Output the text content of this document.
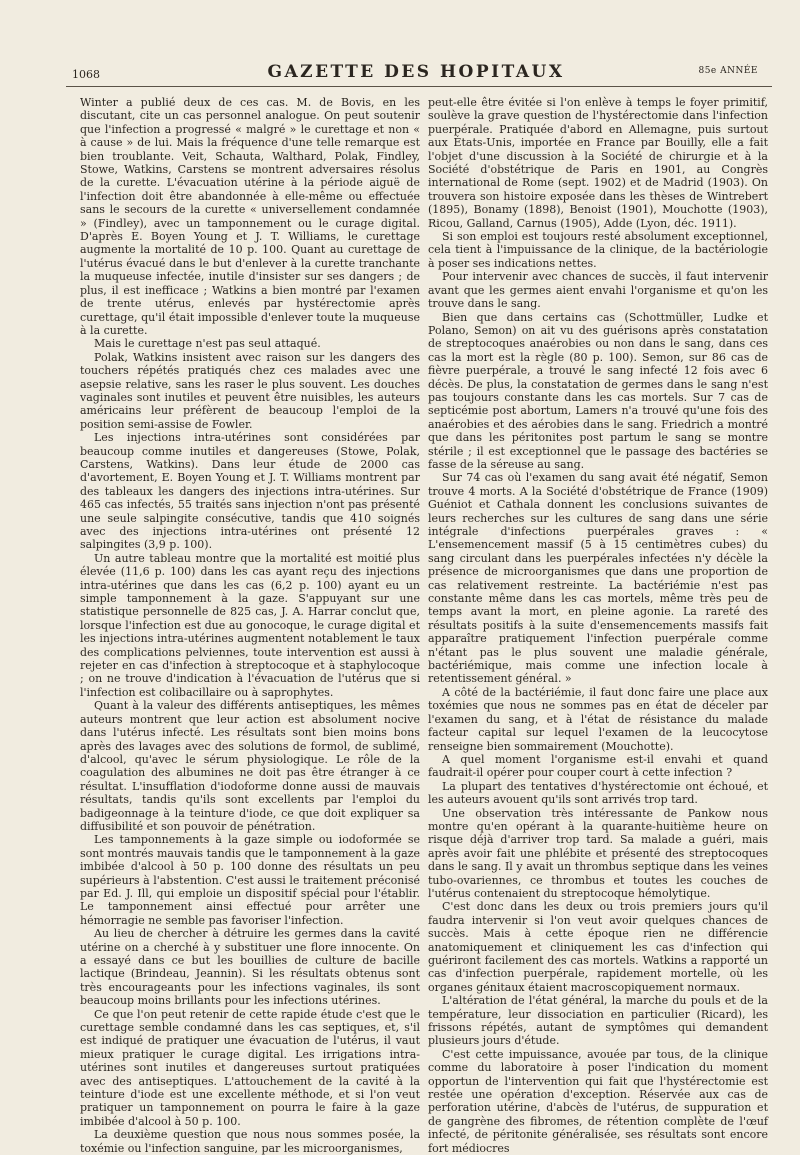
1068	GAZETTE DES HOPITAUX	85e ANNÉE

Winter a publié deux de ces cas. M. de Bovis, en les discutant, cite un cas personnel analogue. On peut soutenir que l'infection a progressé « malgré » le curettage et non « à cause » de lui. Mais la fréquence d'une telle remarque est bien troublante. Veit, Schauta, Walthard, Polak, Findley, Stowe, Watkins, Carstens se montrent adversaires résolus de la curette. L'évacuation utérine à la période aiguë de l'infection doit être abandonnée à elle-même ou effectuée sans le secours de la curette « universellement condamnée » (Findley), avec un tamponnement ou le curage digital. D'après E. Boyen Young et J. T. Williams, le curettage augmente la mortalité de 10 p. 100. Quant au curettage de l'utérus évacué dans le but d'enlever à la curette tranchante la muqueuse infectée, inutile d'insister sur ses dangers ; de plus, il est inefficace ; Watkins a bien montré par l'examen de trente utérus, enlevés par hystérectomie après curettage, qu'il était impossible d'enlever toute la muqueuse à la curette.

Mais le curettage n'est pas seul attaqué.

Polak, Watkins insistent avec raison sur les dangers des touchers répétés pratiqués chez ces malades avec une asepsie relative, sans les raser le plus souvent. Les douches vaginales sont inutiles et peuvent être nuisibles, les auteurs américains leur préfèrent de beaucoup l'emploi de la position semi-assise de Fowler.

Les injections intra-utérines sont considérées par beaucoup comme inutiles et dangereuses (Stowe, Polak, Carstens, Watkins). Dans leur étude de 2000 cas d'avortement, E. Boyen Young et J. T. Williams montrent par des tableaux les dangers des injections intra-utérines. Sur 465 cas infectés, 55 traités sans injection n'ont pas présenté une seule salpingite consécutive, tandis que 410 soignés avec des injections intra-utérines ont présenté 12 salpingites (3,9 p. 100).

Un autre tableau montre que la mortalité est moitié plus élevée (11,6 p. 100) dans les cas ayant reçu des injections intra-utérines que dans les cas (6,2 p. 100) ayant eu un simple tamponnement à la gaze. S'appuyant sur une statistique personnelle de 825 cas, J. A. Harrar conclut que, lorsque l'infection est due au gonocoque, le curage digital et les injections intra-utérines augmentent notablement le taux des complications pelviennes, toute intervention est aussi à rejeter en cas d'infection à streptocoque et à staphylocoque ; on ne trouve d'indication à l'évacuation de l'utérus que si l'infection est colibacillaire ou à saprophytes.

Quant à la valeur des différents antiseptiques, les mêmes auteurs montrent que leur action est absolument nocive dans l'utérus infecté. Les résultats sont bien moins bons après des lavages avec des solutions de formol, de sublimé, d'alcool, qu'avec le sérum physiologique. Le rôle de la coagulation des albumines ne doit pas être étranger à ce résultat. L'insufflation d'iodoforme donne aussi de mauvais résultats, tandis qu'ils sont excellents par l'emploi du badigeonnage à la teinture d'iode, ce que doit expliquer sa diffusibilité et son pouvoir de pénétration.

Les tamponnements à la gaze simple ou iodoformée se sont montrés mauvais tandis que le tamponnement à la gaze imbibée d'alcool à 50 p. 100 donne des résultats un peu supérieurs à l'abstention. C'est aussi le traitement préconisé par Ed. J. Ill, qui emploie un dispositif spécial pour l'établir. Le tamponnement ainsi effectué pour arrêter une hémorragie ne semble pas favoriser l'infection.

Au lieu de chercher à détruire les germes dans la cavité utérine on a cherché à y substituer une flore innocente. On a essayé dans ce but les bouillies de culture de bacille lactique (Brindeau, Jeannin). Si les résultats obtenus sont très encourageants pour les infections vaginales, ils sont beaucoup moins brillants pour les infections utérines.

Ce que l'on peut retenir de cette rapide étude c'est que le curettage semble condamné dans les cas septiques, et, s'il est indiqué de pratiquer une évacuation de l'utérus, il vaut mieux pratiquer le curage digital. Les irrigations intra-utérines sont inutiles et dangereuses surtout pratiquées avec des antiseptiques. L'attouchement de la cavité à la teinture d'iode est une excellente méthode, et si l'on veut pratiquer un tamponnement on pourra le faire à la gaze imbibée d'alcool à 50 p. 100.

La deuxième question que nous nous sommes posée, la toxémie ou l'infection sanguine, par les microorganismes,

peut-elle être évitée si l'on enlève à temps le foyer primitif, soulève la grave question de l'hystérectomie dans l'infection puerpérale. Pratiquée d'abord en Allemagne, puis surtout aux États-Unis, importée en France par Bouilly, elle a fait l'objet d'une discussion à la Société de chirurgie et à la Société d'obstétrique de Paris en 1901, au Congrès international de Rome (sept. 1902) et de Madrid (1903). On trouvera son histoire exposée dans les thèses de Wintrebert (1895), Bonamy (1898), Benoist (1901), Mouchotte (1903), Ricou, Galland, Carnus (1905), Adde (Lyon, déc. 1911).

Si son emploi est toujours resté absolument exceptionnel, cela tient à l'impuissance de la clinique, de la bactériologie à poser ses indications nettes.

Pour intervenir avec chances de succès, il faut intervenir avant que les germes aient envahi l'organisme et qu'on les trouve dans le sang.

Bien que dans certains cas (Schottmüller, Ludke et Polano, Semon) on ait vu des guérisons après constatation de streptocoques anaérobies ou non dans le sang, dans ces cas la mort est la règle (80 p. 100). Semon, sur 86 cas de fièvre puerpérale, a trouvé le sang infecté 12 fois avec 6 décès. De plus, la constatation de germes dans le sang n'est pas toujours constante dans les cas mortels. Sur 7 cas de septicémie post abortum, Lamers n'a trouvé qu'une fois des anaérobies et des aérobies dans le sang. Friedrich a montré que dans les péritonites post partum le sang se montre stérile ; il est exceptionnel que le passage des bactéries se fasse de la séreuse au sang.

Sur 74 cas où l'examen du sang avait été négatif, Semon trouve 4 morts. A la Société d'obstétrique de France (1909) Guéniot et Cathala donnent les conclusions suivantes de leurs recherches sur les cultures de sang dans une série intégrale d'infections puerpérales graves : « L'ensemencement massif (5 à 15 centimètres cubes) du sang circulant dans les puerpérales infectées n'y décèle la présence de microorganismes que dans une proportion de cas relativement restreinte. La bactériémie n'est pas constante même dans les cas mortels, même très peu de temps avant la mort, en pleine agonie. La rareté des résultats positifs à la suite d'ensemencements massifs fait apparaître pratiquement l'infection puerpérale comme n'étant pas le plus souvent une maladie générale, bactériémique, mais comme une infection locale à retentissement général. »

A côté de la bactériémie, il faut donc faire une place aux toxémies que nous ne sommes pas en état de déceler par l'examen du sang, et à l'état de résistance du malade facteur capital sur lequel l'examen de la leucocytose renseigne bien sommairement (Mouchotte).

A quel moment l'organisme est-il envahi et quand faudrait-il opérer pour couper court à cette infection ?

La plupart des tentatives d'hystérectomie ont échoué, et les auteurs avouent qu'ils sont arrivés trop tard.

Une observation très intéressante de Pankow nous montre qu'en opérant à la quarante-huitième heure on risque déjà d'arriver trop tard. Sa malade a guéri, mais après avoir fait une phlébite et présenté des streptocoques dans le sang. Il y avait un thrombus septique dans les veines tubo-ovariennes, ce thrombus et toutes les couches de l'utérus contenaient du streptocoque hémolytique.

C'est donc dans les deux ou trois premiers jours qu'il faudra intervenir si l'on veut avoir quelques chances de succès. Mais à cette époque rien ne différencie anatomiquement et cliniquement les cas d'infection qui guériront facilement des cas mortels. Watkins a rapporté un cas d'infection puerpérale, rapidement mortelle, où les organes génitaux étaient macroscopiquement normaux.

L'altération de l'état général, la marche du pouls et de la température, leur dissociation en particulier (Ricard), les frissons répétés, autant de symptômes qui demandent plusieurs jours d'étude.

C'est cette impuissance, avouée par tous, de la clinique comme du laboratoire à poser l'indication du moment opportun de l'intervention qui fait que l'hystérectomie est restée une opération d'exception. Réservée aux cas de perforation utérine, d'abcès de l'utérus, de suppuration et de gangrène des fibromes, de rétention complète de l'œuf infecté, de péritonite généralisée, ses résultats sont encore fort médiocres
